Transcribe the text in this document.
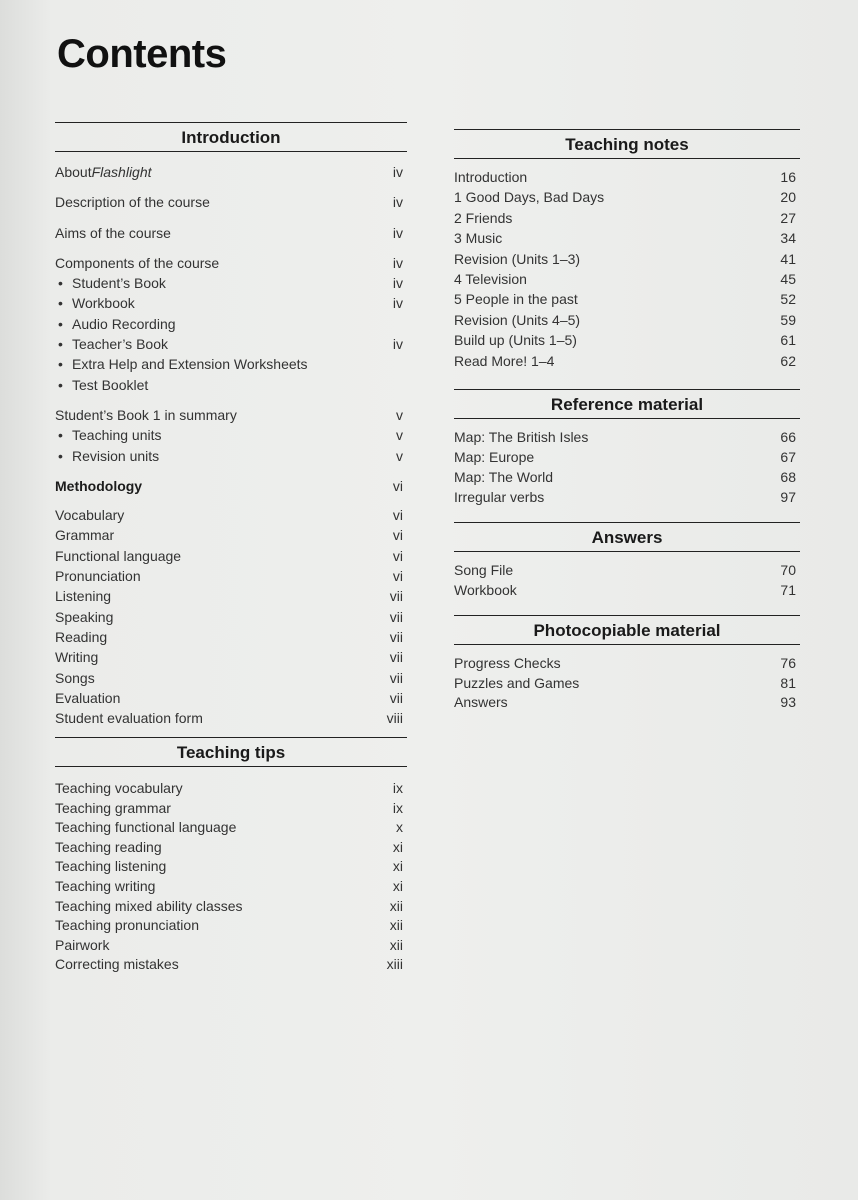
Contents
Introduction
About Flashlight	iv
Description of the course	iv
Aims of the course	iv
Components of the course	iv
• Student’s Book	iv
• Workbook	iv
• Audio Recording
• Teacher’s Book	iv
• Extra Help and Extension Worksheets
• Test Booklet
Student’s Book 1 in summary	v
• Teaching units	v
• Revision units	v
Methodology	vi
Vocabulary	vi
Grammar	vi
Functional language	vi
Pronunciation	vi
Listening	vii
Speaking	vii
Reading	vii
Writing	vii
Songs	vii
Evaluation	vii
Student evaluation form	viii
Teaching tips
Teaching vocabulary	ix
Teaching grammar	ix
Teaching functional language	x
Teaching reading	xi
Teaching listening	xi
Teaching writing	xi
Teaching mixed ability classes	xii
Teaching pronunciation	xii
Pairwork	xii
Correcting mistakes	xiii
Teaching notes
Introduction	16
1 Good Days, Bad Days	20
2 Friends	27
3 Music	34
Revision (Units 1–3)	41
4 Television	45
5 People in the past	52
Revision (Units 4–5)	59
Build up (Units 1–5)	61
Read More! 1–4	62
Reference material
Map: The British Isles	66
Map: Europe	67
Map: The World	68
Irregular verbs	97
Answers
Song File	70
Workbook	71
Photocopiable material
Progress Checks	76
Puzzles and Games	81
Answers	93
